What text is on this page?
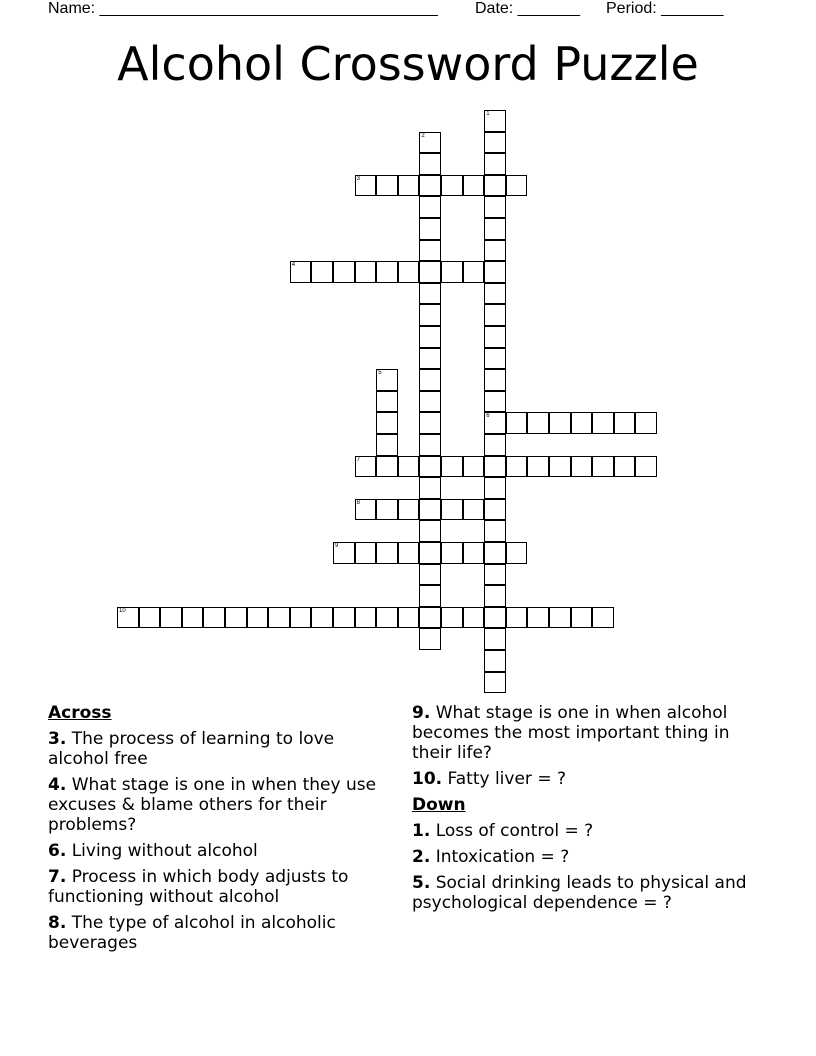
Name: ______________________________________ Date: _______ Period: _______
Alcohol Crossword Puzzle
1
6
2
3
4
5
7
8
9
10
Across
3. The process of learning to love alcohol free
4. What stage is one in when they use excuses & blame others for their problems?
6. Living without alcohol
7. Process in which body adjusts to functioning without alcohol
8. The type of alcohol in alcoholic beverages
9. What stage is one in when alcohol becomes the most important thing in their life?
10. Fatty liver = ?
Down
1. Loss of control = ?
2. Intoxication = ?
5. Social drinking leads to physical and psychological dependence = ?
